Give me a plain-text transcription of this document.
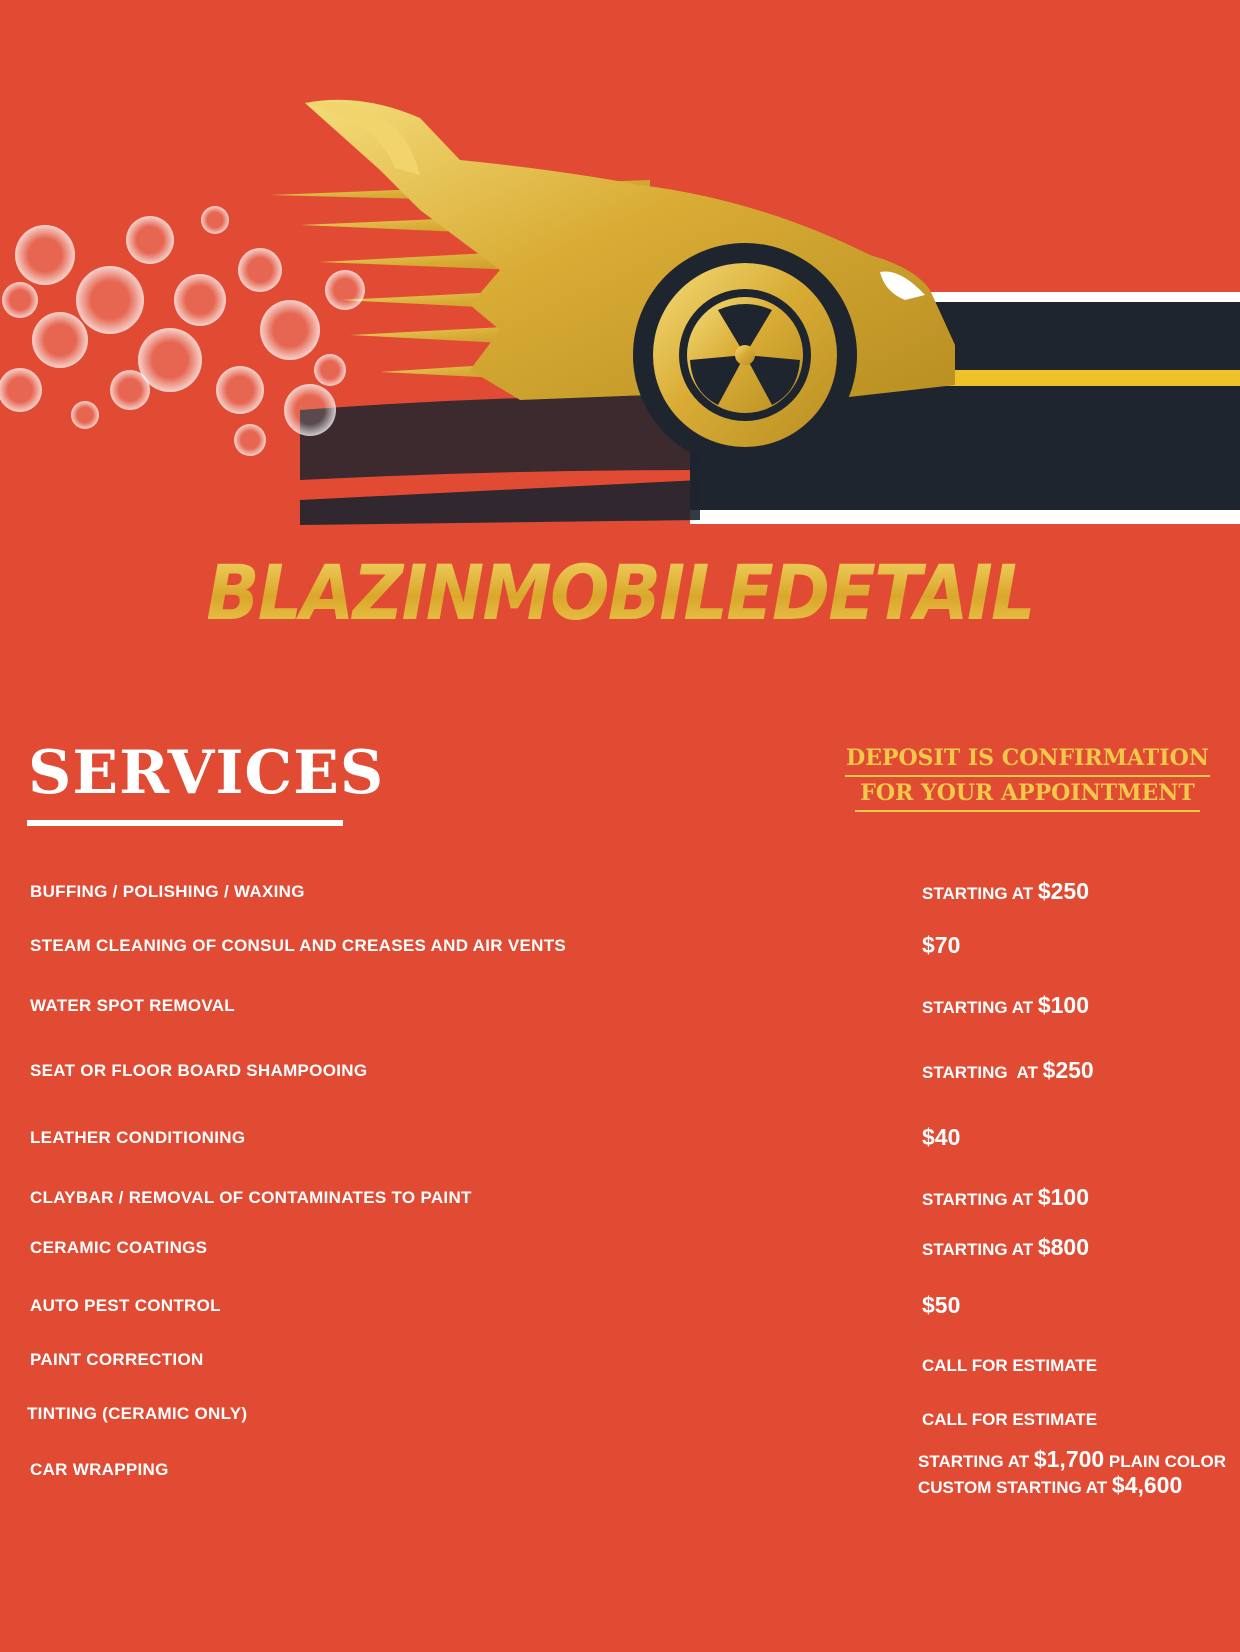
BLAZINMOBILEDETAIL
SERVICES	DEPOSIT IS CONFIRMATION
FOR YOUR APPOINTMENT
BUFFING / POLISHING / WAXING	STARTING AT $250
STEAM CLEANING OF CONSUL AND CREASES AND AIR VENTS	$70
WATER SPOT REMOVAL	STARTING AT $100
SEAT OR FLOOR BOARD SHAMPOOING	STARTING  AT $250
LEATHER CONDITIONING	$40
CLAYBAR / REMOVAL OF CONTAMINATES TO PAINT	STARTING AT $100
CERAMIC COATINGS	STARTING AT $800
AUTO PEST CONTROL	$50
PAINT CORRECTION	CALL FOR ESTIMATE
TINTING (CERAMIC ONLY)	CALL FOR ESTIMATE
CAR WRAPPING	STARTING AT $1,700 PLAIN COLOR
CUSTOM STARTING AT $4,600
